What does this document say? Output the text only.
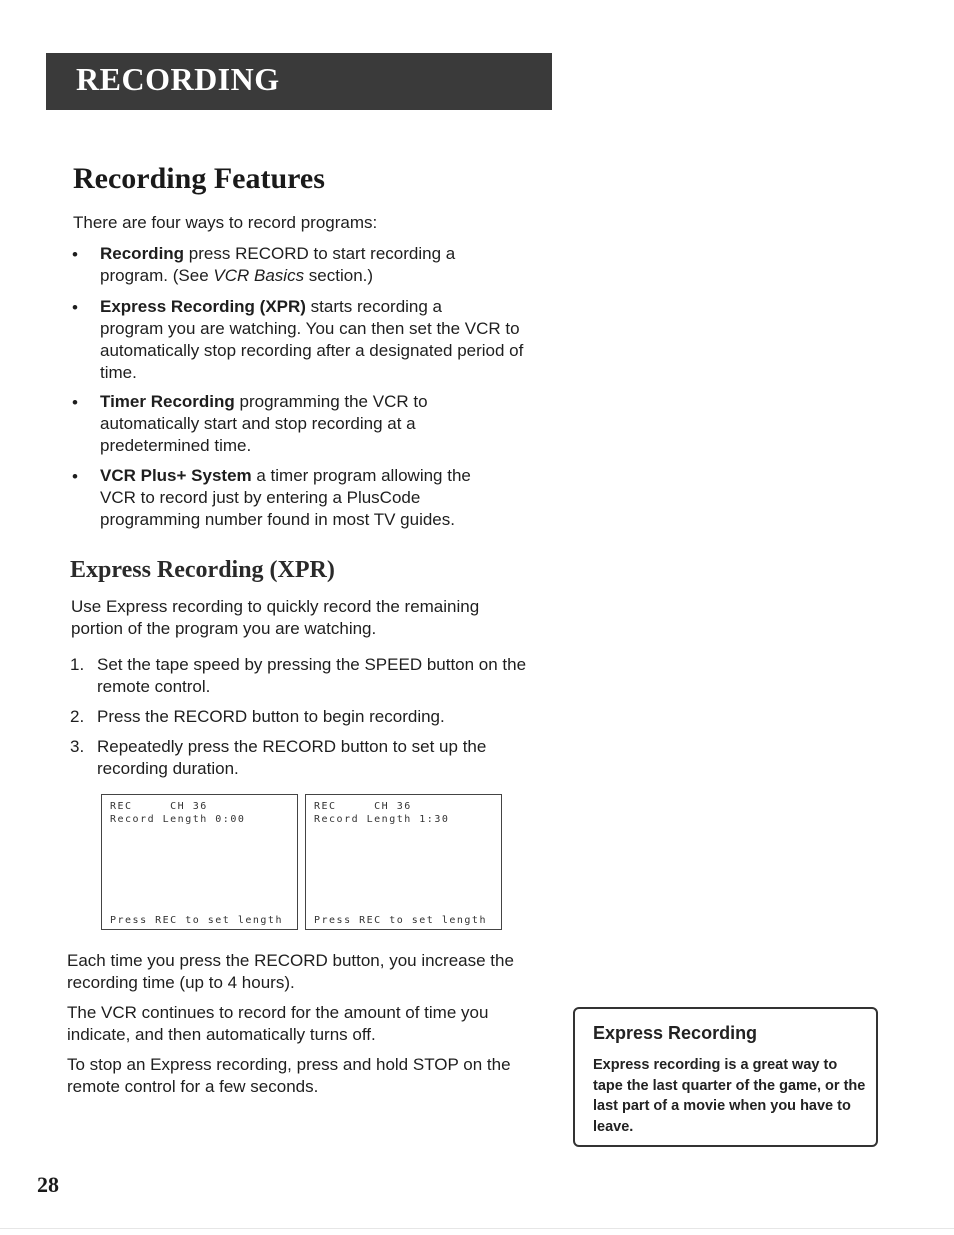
RECORDING
Recording Features

There are four ways to record programs:

• Recording press RECORD to start recording a
program. (See VCR Basics section.)
• Express Recording (XPR) starts recording a
program you are watching. You can then set the VCR to automatically stop recording after a designated period of time.
• Timer Recording programming the VCR to
automatically start and stop recording at a predetermined time.
• VCR Plus+ System a timer program allowing the
VCR to record just by entering a PlusCode programming number found in most TV guides.
Express Recording (XPR)

Use Express recording to quickly record the remaining portion of the program you are watching.

1. Set the tape speed by pressing the SPEED button on the remote control.
2. Press the RECORD button to begin recording.
3. Repeatedly press the RECORD button to set up the recording duration.
REC     CH 36
Record Length 0:00
Press REC to set length
REC     CH 36
Record Length 1:30
Press REC to set length

Each time you press the RECORD button, you increase the recording time (up to 4 hours).

The VCR continues to record for the amount of time you indicate, and then automatically turns off.

To stop an Express recording, press and hold STOP on the remote control for a few seconds.

Express Recording
Express recording is a great way to tape the last quarter of the game, or the last part of a movie when you have to leave.
28
